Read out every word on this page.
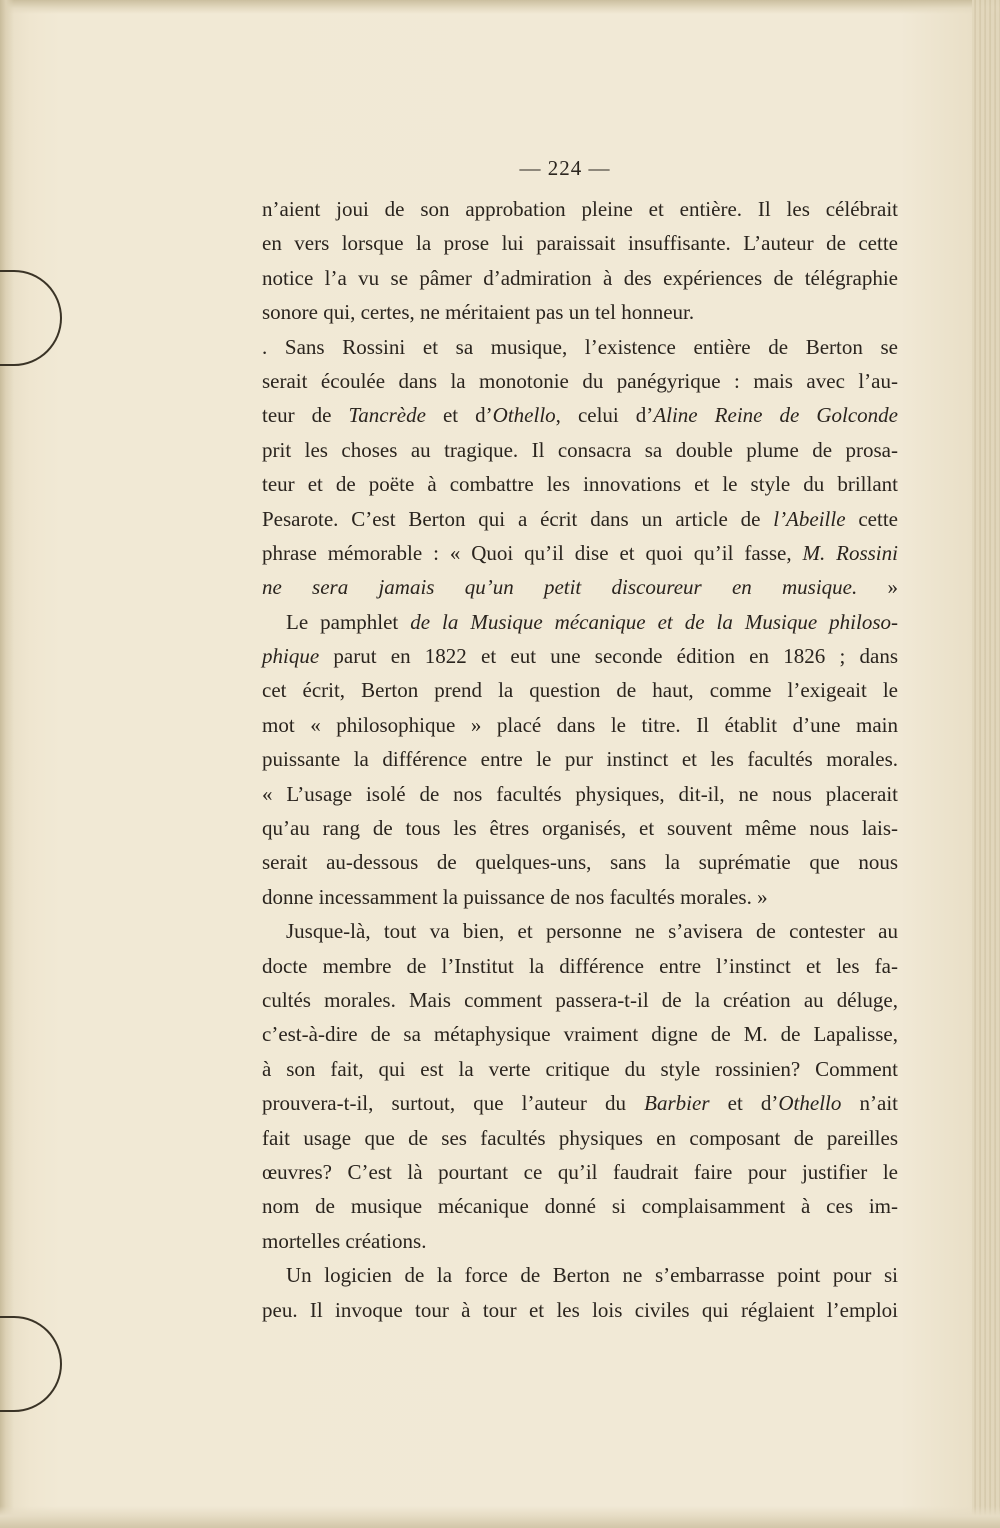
— 224 —
n’aient joui de son approbation pleine et entière. Il les célébrait
en vers lorsque la prose lui paraissait insuffisante. L’auteur de cette
notice l’a vu se pâmer d’admiration à des expériences de télégraphie
sonore qui, certes, ne méritaient pas un tel honneur.
. Sans Rossini et sa musique, l’existence entière de Berton se
serait écoulée dans la monotonie du panégyrique : mais avec l’au-
teur de Tancrède et d’Othello, celui d’Aline Reine de Golconde
prit les choses au tragique. Il consacra sa double plume de prosa-
teur et de poëte à combattre les innovations et le style du brillant
Pesarote. C’est Berton qui a écrit dans un article de l’Abeille cette
phrase mémorable : « Quoi qu’il dise et quoi qu’il fasse, M. Rossini
ne sera jamais qu’un petit discoureur en musique. »
Le pamphlet de la Musique mécanique et de la Musique philoso-
phique parut en 1822 et eut une seconde édition en 1826 ; dans
cet écrit, Berton prend la question de haut, comme l’exigeait le
mot « philosophique » placé dans le titre. Il établit d’une main
puissante la différence entre le pur instinct et les facultés morales.
« L’usage isolé de nos facultés physiques, dit-il, ne nous placerait
qu’au rang de tous les êtres organisés, et souvent même nous lais-
serait au-dessous de quelques-uns, sans la suprématie que nous
donne incessamment la puissance de nos facultés morales. »
Jusque-là, tout va bien, et personne ne s’avisera de contester au
docte membre de l’Institut la différence entre l’instinct et les fa-
cultés morales. Mais comment passera-t-il de la création au déluge,
c’est-à-dire de sa métaphysique vraiment digne de M. de Lapalisse,
à son fait, qui est la verte critique du style rossinien? Comment
prouvera-t-il, surtout, que l’auteur du Barbier et d’Othello n’ait
fait usage que de ses facultés physiques en composant de pareilles
œuvres? C’est là pourtant ce qu’il faudrait faire pour justifier le
nom de musique mécanique donné si complaisamment à ces im-
mortelles créations.
Un logicien de la force de Berton ne s’embarrasse point pour si
peu. Il invoque tour à tour et les lois civiles qui réglaient l’emploi
